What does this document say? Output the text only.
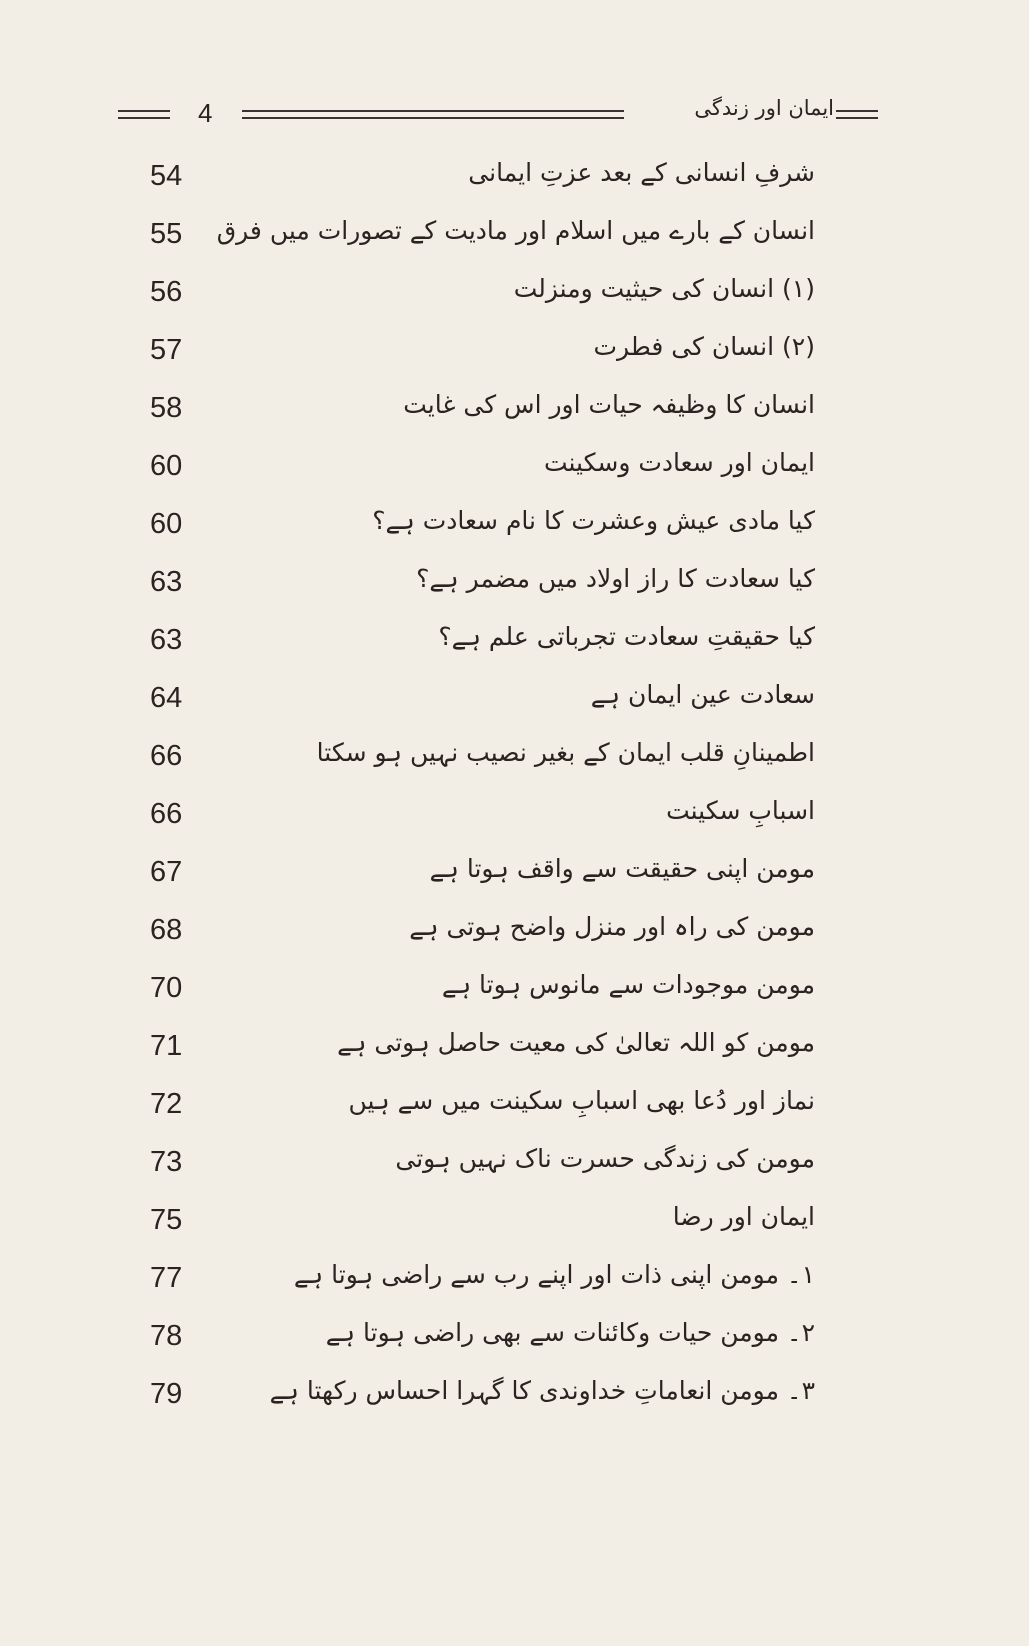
4	ایمان اور زندگی
شرفِ انسانی کے بعد عزتِ ایمانی
54
انسان کے بارے میں اسلام اور مادیت کے تصورات میں فرق
55
(۱) انسان کی حیثیت ومنزلت
56
(۲) انسان کی فطرت
57
انسان کا وظیفہ حیات اور اس کی غایت
58
ایمان اور سعادت وسکینت
60
کیا مادی عیش وعشرت کا نام سعادت ہے؟
60
کیا سعادت کا راز اولاد میں مضمر ہے؟
63
کیا حقیقتِ سعادت تجرباتی علم ہے؟
63
سعادت عین ایمان ہے
64
اطمینانِ قلب ایمان کے بغیر نصیب نہیں ہو سکتا
66
اسبابِ سکینت
66
مومن اپنی حقیقت سے واقف ہوتا ہے
67
مومن کی راہ اور منزل واضح ہوتی ہے
68
مومن موجودات سے مانوس ہوتا ہے
70
مومن کو اللہ تعالیٰ کی معیت حاصل ہوتی ہے
71
نماز اور دُعا بھی اسبابِ سکینت میں سے ہیں
72
مومن کی زندگی حسرت ناک نہیں ہوتی
73
ایمان اور رضا
75
۱۔ مومن اپنی ذات اور اپنے رب سے راضی ہوتا ہے
77
۲۔ مومن حیات وکائنات سے بھی راضی ہوتا ہے
78
۳۔ مومن انعاماتِ خداوندی کا گہرا احساس رکھتا ہے
79
